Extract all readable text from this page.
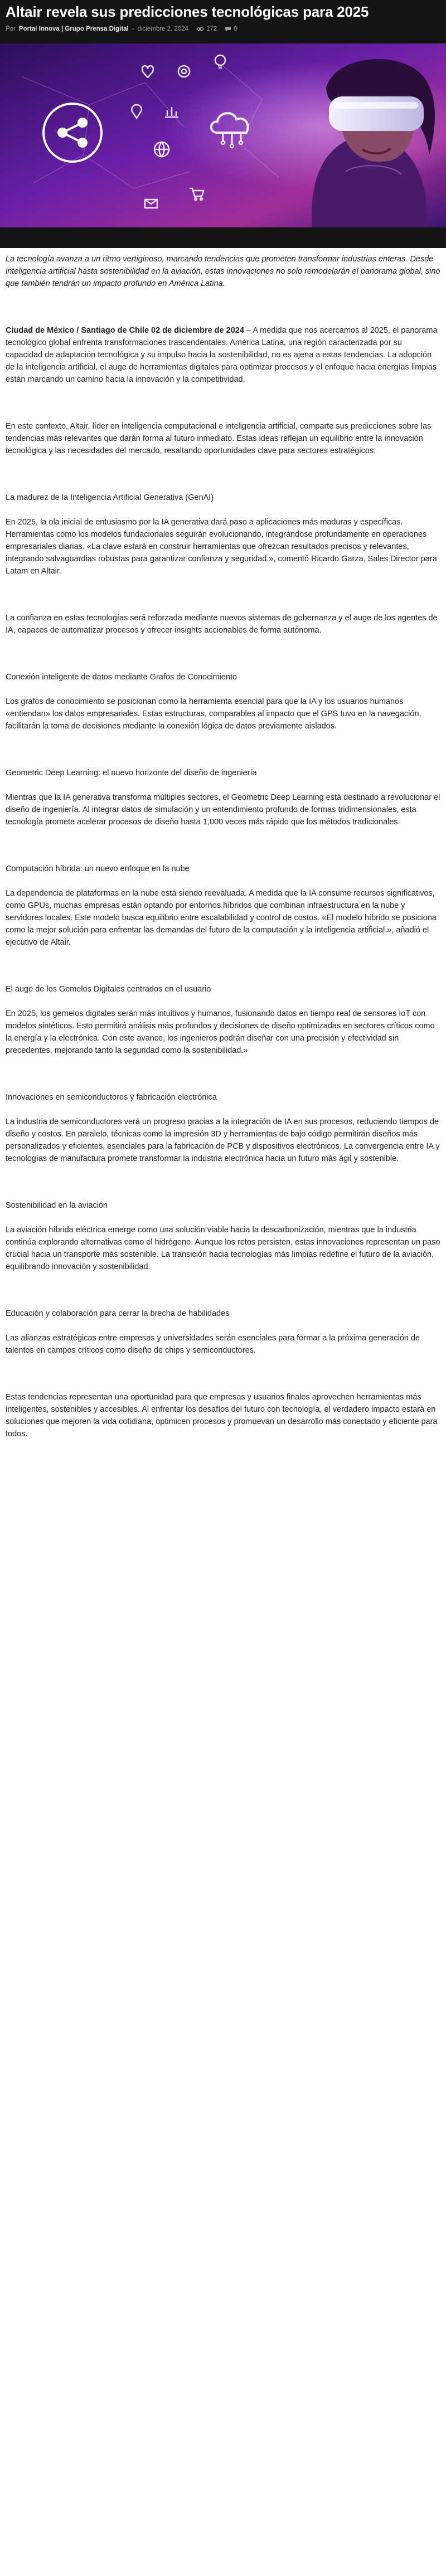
Altair revela sus predicciones tecnológicas para 2025
Por Portal Innova | Grupo Prensa Digital - diciembre 2, 2024	172	0

La tecnología avanza a un ritmo vertiginoso, marcando tendencias que prometen transformar industrias enteras. Desde inteligencia artificial hasta sostenibilidad en la aviación, estas innovaciones no solo remodelarán el panorama global, sino que también tendrán un impacto profundo en América Latina.

Ciudad de México / Santiago de Chile 02 de diciembre de 2024 – A medida que nos acercamos al 2025, el panorama tecnológico global enfrenta transformaciones trascendentales. América Latina, una región caracterizada por su capacidad de adaptación tecnológica y su impulso hacia la sostenibilidad, no es ajena a estas tendencias. La adopción de la inteligencia artificial, el auge de herramientas digitales para optimizar procesos y el enfoque hacia energías limpias están marcando un camino hacia la innovación y la competitividad.

En este contexto, Altair, líder en inteligencia computacional e inteligencia artificial, comparte sus predicciones sobre las tendencias más relevantes que darán forma al futuro inmediato. Estas ideas reflejan un equilibrio entre la innovación tecnológica y las necesidades del mercado, resaltando oportunidades clave para sectores estratégicos.

La madurez de la Inteligencia Artificial Generativa (GenAI)

En 2025, la ola inicial de entusiasmo por la IA generativa dará paso a aplicaciones más maduras y específicas. Herramientas como los modelos fundacionales seguirán evolucionando, integrándose profundamente en operaciones empresariales diarias. «La clave estará en construir herramientas que ofrezcan resultados precisos y relevantes, integrando salvaguardias robustas para garantizar confianza y seguridad.», comentó Ricardo Garza, Sales Director para Latam en Altair.

La confianza en estas tecnologías será reforzada mediante nuevos sistemas de gobernanza y el auge de los agentes de IA, capaces de automatizar procesos y ofrecer insights accionables de forma autónoma.

Conexión inteligente de datos mediante Grafos de Conocimiento

Los grafos de conocimiento se posicionan como la herramienta esencial para que la IA y los usuarios humanos «entiendan» los datos empresariales. Estas estructuras, comparables al impacto que el GPS tuvo en la navegación, facilitarán la toma de decisiones mediante la conexión lógica de datos previamente aislados.

Geometric Deep Learning: el nuevo horizonte del diseño de ingeniería

Mientras que la IA generativa transforma múltiples sectores, el Geometric Deep Learning está destinado a revolucionar el diseño de ingeniería. Al integrar datos de simulación y un entendimiento profundo de formas tridimensionales, esta tecnología promete acelerar procesos de diseño hasta 1,000 veces más rápido que los métodos tradicionales.

Computación híbrida: un nuevo enfoque en la nube

La dependencia de plataformas en la nube está siendo reevaluada. A medida que la IA consume recursos significativos, como GPUs, muchas empresas están optando por entornos híbridos que combinan infraestructura en la nube y servidores locales. Este modelo busca equilibrio entre escalabilidad y control de costos. «El modelo híbrido se posiciona como la mejor solución para enfrentar las demandas del futuro de la computación y la inteligencia artificial.», añadió el ejecutivo de Altair.

El auge de los Gemelos Digitales centrados en el usuario

En 2025, los gemelos digitales serán más intuitivos y humanos, fusionando datos en tiempo real de sensores IoT con modelos sintéticos. Esto permitirá análisis más profundos y decisiones de diseño optimizadas en sectores críticos como la energía y la electrónica. Con este avance, los ingenieros podrán diseñar con una precisión y efectividad sin precedentes, mejorando tanto la seguridad como la sostenibilidad.»

Innovaciones en semiconductores y fabricación electrónica

La industria de semiconductores verá un progreso gracias a la integración de IA en sus procesos, reduciendo tiempos de diseño y costos. En paralelo, técnicas como la impresión 3D y herramientas de bajo código permitirán diseños más personalizados y eficientes, esenciales para la fabricación de PCB y dispositivos electrónicos. La convergencia entre IA y tecnologías de manufactura promete transformar la industria electrónica hacia un futuro más ágil y sostenible.

Sostenibilidad en la aviación

La aviación híbrida eléctrica emerge como una solución viable hacia la descarbonización, mientras que la industria continúa explorando alternativas como el hidrógeno. Aunque los retos persisten, estas innovaciones representan un paso crucial hacia un transporte más sostenible. La transición hacia tecnologías más limpias redefine el futuro de la aviación, equilibrando innovación y sostenibilidad.

Educación y colaboración para cerrar la brecha de habilidades

Las alianzas estratégicas entre empresas y universidades serán esenciales para formar a la próxima generación de talentos en campos críticos como diseño de chips y semiconductores.

Estas tendencias representan una oportunidad para que empresas y usuarios finales aprovechen herramientas más inteligentes, sostenibles y accesibles. Al enfrentar los desafíos del futuro con tecnología, el verdadero impacto estará en soluciones que mejoren la vida cotidiana, optimicen procesos y promuevan un desarrollo más conectado y eficiente para todos.
